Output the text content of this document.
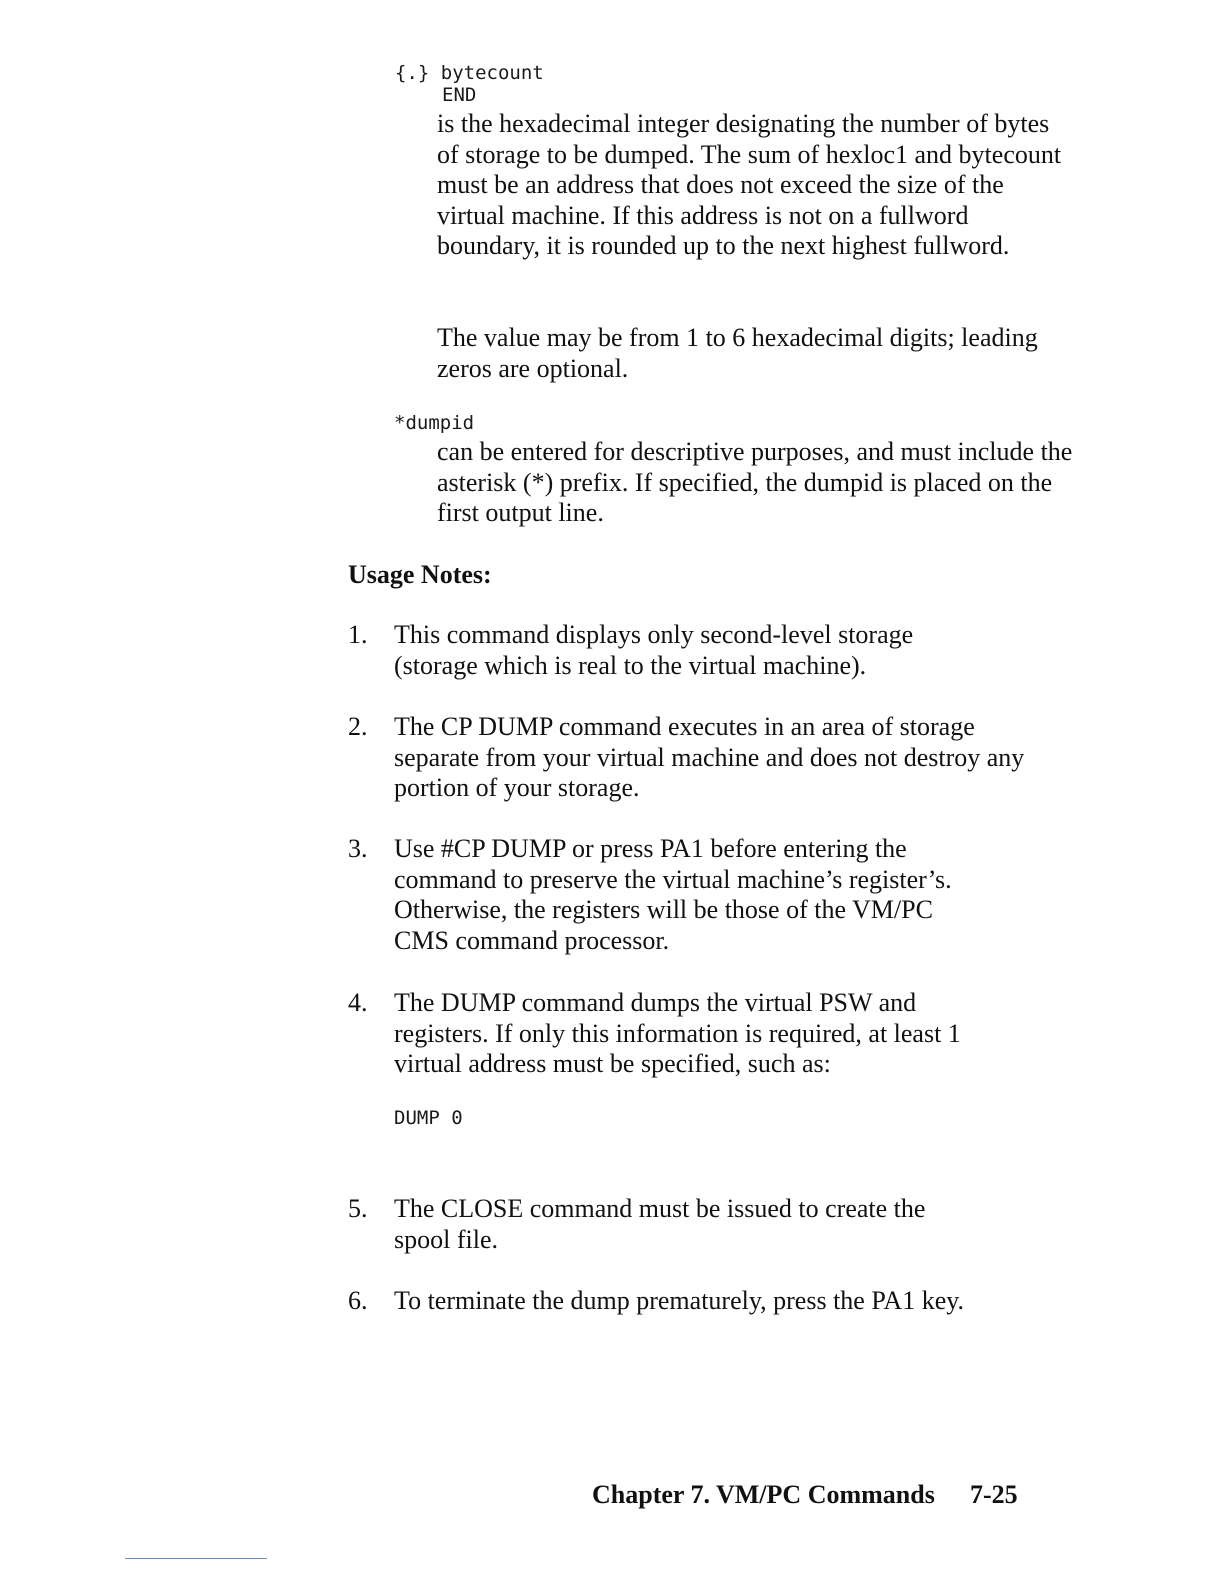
{.} bytecount
END
is the hexadecimal integer designating the number of bytes of storage to be dumped. The sum of hexloc1 and bytecount must be an address that does not exceed the size of the virtual machine. If this address is not on a fullword boundary, it is rounded up to the next highest fullword.
The value may be from 1 to 6 hexadecimal digits; leading zeros are optional.
*dumpid
can be entered for descriptive purposes, and must include the asterisk (*) prefix. If specified, the dumpid is placed on the first output line.
Usage Notes:
1.	This command displays only second-level storage (storage which is real to the virtual machine).
2.	The CP DUMP command executes in an area of storage separate from your virtual machine and does not destroy any portion of your storage.
3.	Use #CP DUMP or press PA1 before entering the command to preserve the virtual machine’s register’s. Otherwise, the registers will be those of the VM/PC CMS command processor.
4.	The DUMP command dumps the virtual PSW and registers. If only this information is required, at least 1 virtual address must be specified, such as:
DUMP 0
5.	The CLOSE command must be issued to create the spool file.
6.	To terminate the dump prematurely, press the PA1 key.
Chapter 7. VM/PC Commands 7-25
